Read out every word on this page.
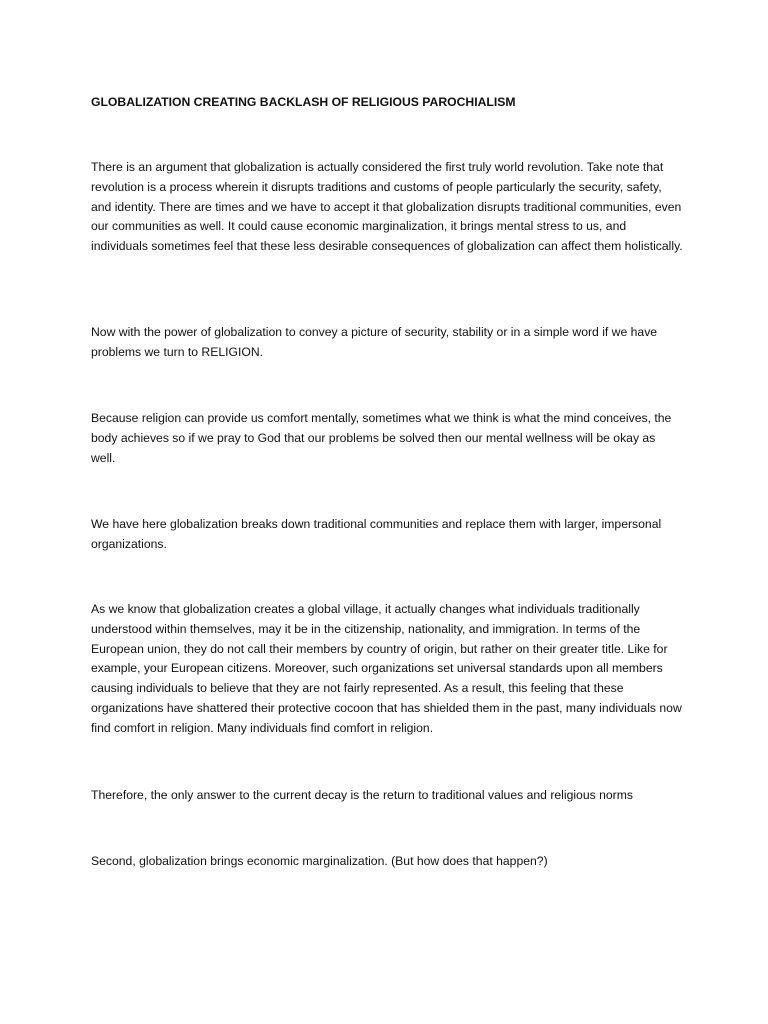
GLOBALIZATION CREATING BACKLASH OF RELIGIOUS PAROCHIALISM

There is an argument that globalization is actually considered the first truly world revolution. Take note that revolution is a process wherein it disrupts traditions and customs of people particularly the security, safety, and identity. There are times and we have to accept it that globalization disrupts traditional communities, even our communities as well. It could cause economic marginalization, it brings mental stress to us, and individuals sometimes feel that these less desirable consequences of globalization can affect them holistically.

Now with the power of globalization to convey a picture of security, stability or in a simple word if we have problems we turn to RELIGION.

Because religion can provide us comfort mentally, sometimes what we think is what the mind conceives, the body achieves so if we pray to God that our problems be solved then our mental wellness will be okay as well.

We have here globalization breaks down traditional communities and replace them with larger, impersonal organizations.

As we know that globalization creates a global village, it actually changes what individuals traditionally understood within themselves, may it be in the citizenship, nationality, and immigration. In terms of the European union, they do not call their members by country of origin, but rather on their greater title. Like for example, your European citizens. Moreover, such organizations set universal standards upon all members causing individuals to believe that they are not fairly represented. As a result, this feeling that these organizations have shattered their protective cocoon that has shielded them in the past, many individuals now find comfort in religion. Many individuals find comfort in religion.

Therefore, the only answer to the current decay is the return to traditional values and religious norms

Second, globalization brings economic marginalization. (But how does that happen?)
